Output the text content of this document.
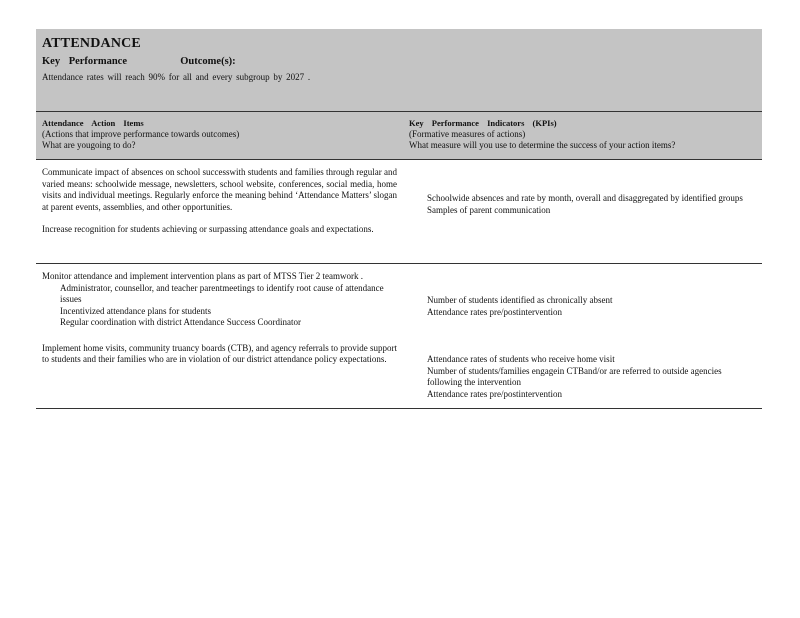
ATTENDANCE
Key Performance	Outcome(s):
Attendance rates will reach 90% for all and every subgroup by 2027 .
Attendance Action Items
(Actions that improve performance towards outcomes)
What are yougoing to do?
Key Performance Indicators (KPIs)
(Formative measures of actions)
What measure will you use to determine the success of your action items?

Communicate impact of absences on school successwith students and families through regular and varied means: schoolwide message, newsletters, school website, conferences, social media, home visits and individual meetings. Regularly enforce the meaning behind ‘Attendance Matters’ slogan at parent events, assemblies, and other opportunities.

Increase recognition for students achieving or surpassing attendance goals and expectations.

Schoolwide absences and rate by month, overall and disaggregated by identified groups
Samples of parent communication

Monitor attendance and implement intervention plans as part of MTSS Tier 2 teamwork .

Administrator, counsellor, and teacher parentmeetings to identify root cause of attendance issues
Incentivized attendance plans for students
Regular coordination with district Attendance Success Coordinator

Implement home visits, community truancy boards (CTB), and agency referrals to provide support to students and their families who are in violation of our district attendance policy expectations.

Number of students identified as chronically absent
Attendance rates pre/postintervention
Attendance rates of students who receive home visit
Number of students/families engagein CTBand/or are referred to outside agencies following the intervention
Attendance rates pre/postintervention
